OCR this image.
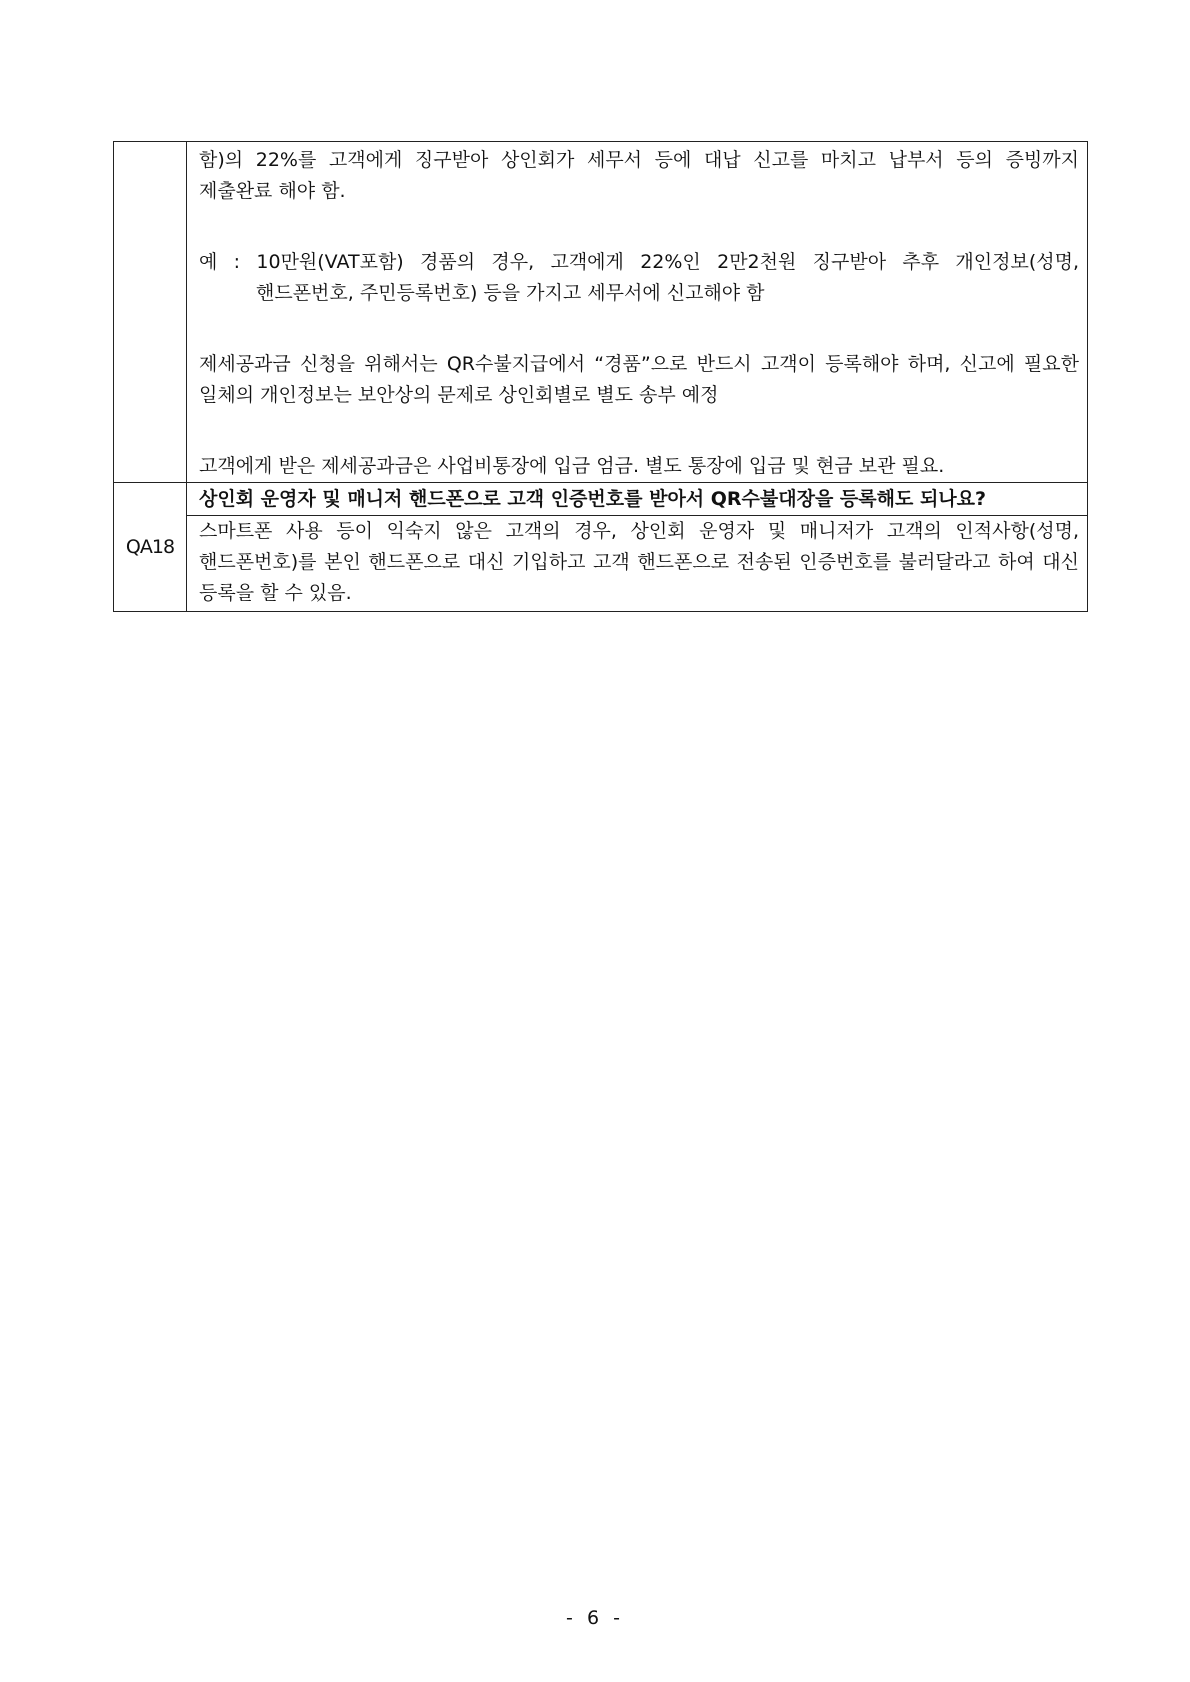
	함)의 22%를 고객에게 징구받아 상인회가 세무서 등에 대납 신고를 마치고 납부서 등의 증빙까지 제출완료 해야 함.

예 : 10만원(VAT포함) 경품의 경우, 고객에게 22%인 2만2천원 징구받아 추후 개인정보(성명, 핸드폰번호, 주민등록번호) 등을 가지고 세무서에 신고해야 함

제세공과금 신청을 위해서는 QR수불지급에서 “경품”으로 반드시 고객이 등록해야 하며, 신고에 필요한 일체의 개인정보는 보안상의 문제로 상인회별로 별도 송부 예정

고객에게 받은 제세공과금은 사업비통장에 입금 엄금. 별도 통장에 입금 및 현금 보관 필요.

QA18	상인회 운영자 및 매니저 핸드폰으로 고객 인증번호를 받아서 QR수불대장을 등록해도 되나요?

	스마트폰 사용 등이 익숙지 않은 고객의 경우, 상인회 운영자 및 매니저가 고객의 인적사항(성명, 핸드폰번호)를 본인 핸드폰으로 대신 기입하고 고객 핸드폰으로 전송된 인증번호를 불러달라고 하여 대신 등록을 할 수 있음.

- 6 -
